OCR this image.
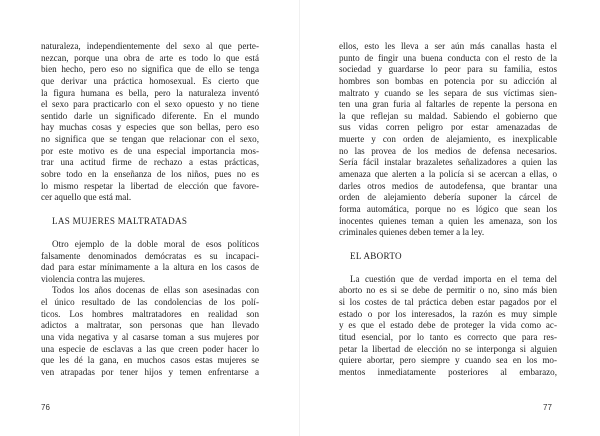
naturaleza, independientemente del sexo al que perte-
nezcan, porque una obra de arte es todo lo que está
bien hecho, pero eso no significa que de ello se tenga
que derivar una práctica homosexual. Es cierto que
la figura humana es bella, pero la naturaleza inventó
el sexo para practicarlo con el sexo opuesto y no tiene
sentido darle un significado diferente. En el mundo
hay muchas cosas y especies que son bellas, pero eso
no significa que se tengan que relacionar con el sexo,
por este motivo es de una especial importancia mos-
trar una actitud firme de rechazo a estas prácticas,
sobre todo en la enseñanza de los niños, pues no es
lo mismo respetar la libertad de elección que favore-
cer aquello que está mal.
LAS MUJERES MALTRATADAS
Otro ejemplo de la doble moral de esos políticos
falsamente denominados demócratas es su incapaci-
dad para estar mínimamente a la altura en los casos de
violencia contra las mujeres.
Todos los años docenas de ellas son asesinadas con
el único resultado de las condolencias de los polí-
ticos. Los hombres maltratadores en realidad son
adictos a maltratar, son personas que han llevado
una vida negativa y al casarse toman a sus mujeres por
una especie de esclavas a las que creen poder hacer lo
que les dé la gana, en muchos casos estas mujeres se
ven atrapadas por tener hijos y temen enfrentarse a
76
ellos, esto les lleva a ser aún más canallas hasta el
punto de fingir una buena conducta con el resto de la
sociedad y guardarse lo peor para su familia, estos
hombres son bombas en potencia por su adicción al
maltrato y cuando se les separa de sus víctimas sien-
ten una gran furia al faltarles de repente la persona en
la que reflejan su maldad. Sabiendo el gobierno que
sus vidas corren peligro por estar amenazadas de
muerte y con orden de alejamiento, es inexplicable
no las provea de los medios de defensa necesarios.
Sería fácil instalar brazaletes señalizadores a quien las
amenaza que alerten a la policía si se acercan a ellas, o
darles otros medios de autodefensa, que brantar una
orden de alejamiento debería suponer la cárcel de
forma automática, porque no es lógico que sean los
inocentes quienes teman a quien les amenaza, son los
criminales quienes deben temer a la ley.
EL ABORTO
La cuestión que de verdad importa en el tema del
aborto no es si se debe de permitir o no, sino más bien
si los costes de tal práctica deben estar pagados por el
estado o por los interesados, la razón es muy simple
y es que el estado debe de proteger la vida como ac-
titud esencial, por lo tanto es correcto que para res-
petar la libertad de elección no se interponga si alguien
quiere abortar, pero siempre y cuando sea en los mo-
mentos inmediatamente posteriores al embarazo,
77
